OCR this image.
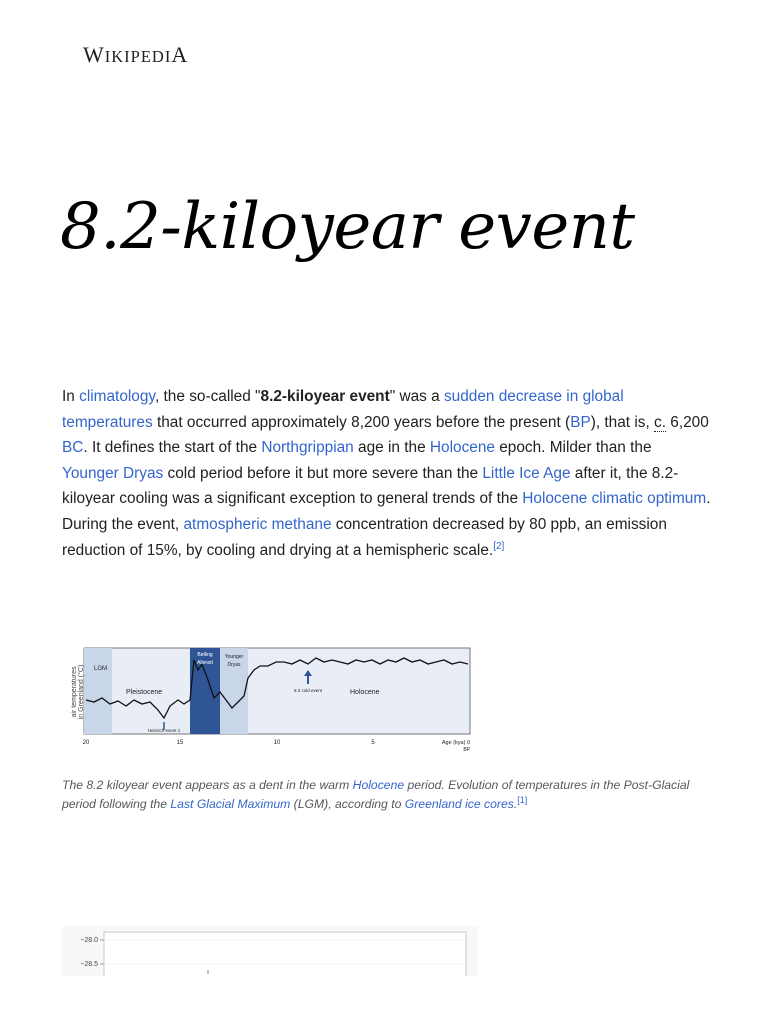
WIKIPEDIA
8.2-kiloyear event

In climatology, the so-called "8.2-kiloyear event" was a sudden decrease in global temperatures that occurred approximately 8,200 years before the present (BP), that is, c. 6,200 BC. It defines the start of the Northgrippian age in the Holocene epoch. Milder than the Younger Dryas cold period before it but more severe than the Little Ice Age after it, the 8.2-kiloyear cooling was a significant exception to general trends of the Holocene climatic optimum. During the event, atmospheric methane concentration decreased by 80 ppb, an emission reduction of 15%, by cooling and drying at a hemispheric scale.[2]

air temperatures in Greenland (°C) LGM
Bølling
Allerød
Younger
Dryas
Pleistocene	Holocene
8.2 cold event
Heinrich event 1
20	15	10	5	Age (kya) 0
BP

The 8.2 kiloyear event appears as a dent in the warm Holocene period. Evolution of temperatures in the Post-Glacial period following the Last Glacial Maximum (LGM), according to Greenland ice cores.[1]

−28.0
−28.5
